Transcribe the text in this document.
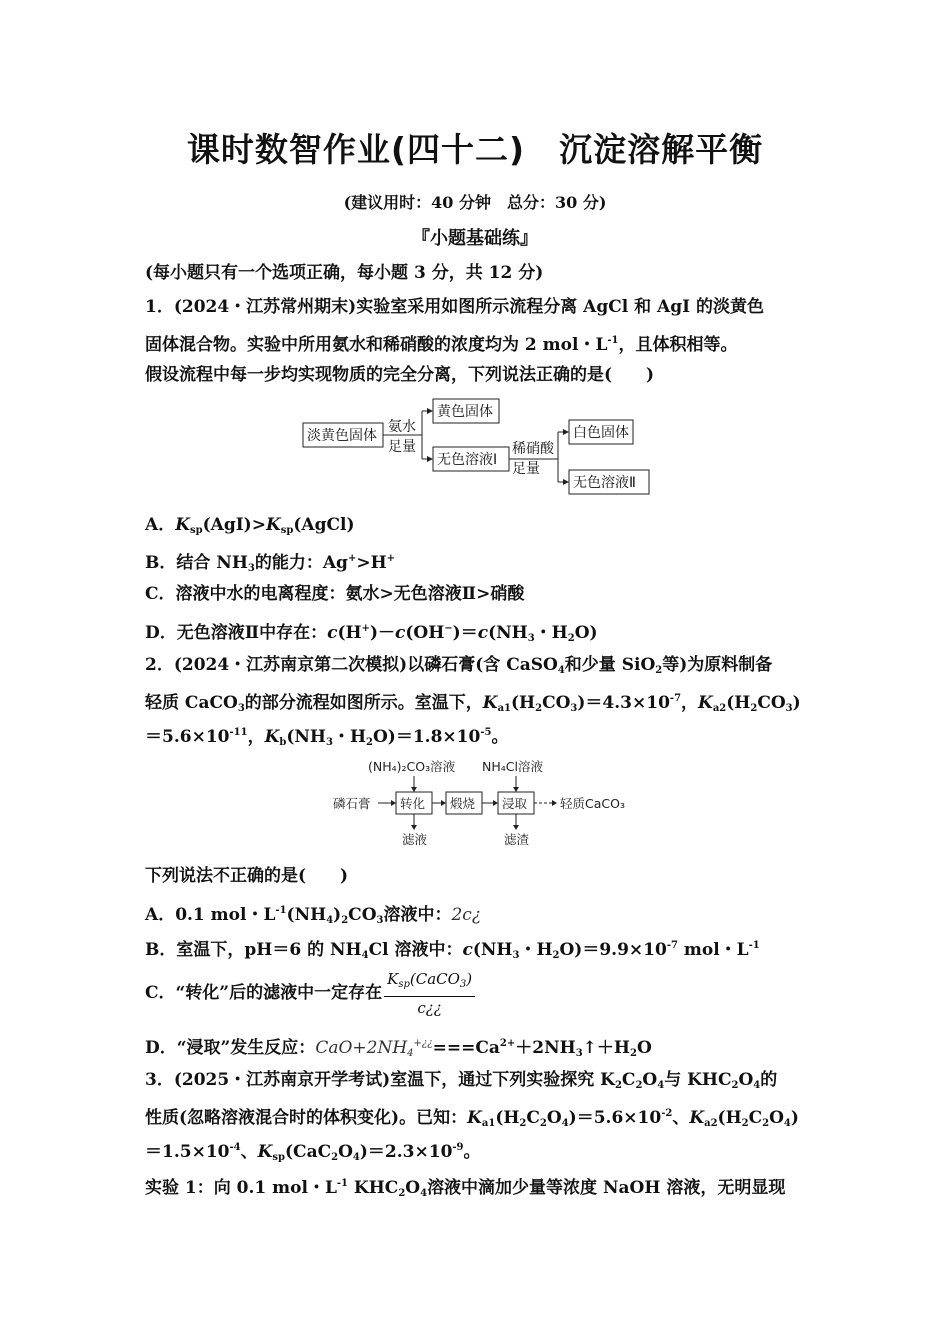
课时数智作业(四十二)　沉淀溶解平衡
(建议用时：40 分钟　总分：30 分)
『小题基础练』
(每小题只有一个选项正确，每小题 3 分，共 12 分)
1．(2024・江苏常州期末)实验室采用如图所示流程分离 AgCl 和 AgI 的淡黄色
固体混合物。实验中所用氨水和稀硝酸的浓度均为 2 mol・$L^{-1}$，且体积相等。
假设流程中每一步均实现物质的完全分离，下列说法正确的是(　　)
淡黄色固体
氨水
足量
黄色固体
无色溶液Ⅰ
稀硝酸
足量
白色固体
无色溶液Ⅱ
A．$K_{sp}(AgI)>K_{sp}(AgCl)$
B．结合 $NH_3$的能力：Ag+>H+
C．溶液中水的电离程度：氨水>无色溶液Ⅱ>硝酸
D．无色溶液Ⅱ中存在：$c(H^+)-c(OH^-)=c(NH_3$・$H_2O$)
2．(2024・江苏南京第二次模拟)以磷石膏(含 CaSO$_4$和少量 SiO$_2$等)为原料制备
轻质 CaCO$_3$的部分流程如图所示。室温下，$K_{a1}(H_2CO_3)=4.3\times 10^{-7}$，$K_{a2}(H_2CO_3)$
$=5.6\times 10^{-11}$，$K_b(NH_3$・$H_2O)=1.8\times 10^{-5}$。
(NH₄)₂CO₃溶液 NH₄Cl溶液
磷石膏 转化 煅烧 浸取	轻质CaCO₃
滤液	滤渣
下列说法不正确的是(　　)
A．0.1 mol・$L^{-1}(NH_4)_2CO_3$溶液中：2c¿
B．室温下，pH＝6 的 $NH_4Cl$ 溶液中：$c(NH_3$・$H_2O)=9.9\times 10^{-7}$ mol・$L^{-1}$
C．“转化”后的滤液中一定存在 $\frac{K_{sp}(CaCO_3)}{c¿¿}$
D．“浸取”发生反应：$CaO+2NH_4^{+¿¿}===Ca^{2+}+2NH_3↑+H_2O$
3．(2025・江苏南京开学考试)室温下，通过下列实验探究 $K_2C_2O_4$与 $KHC_2O_4$的
性质(忽略溶液混合时的体积变化)。已知：$K_{a1}(H_2C_2O_4)=5.6\times 10^{-2}$、$K_{a2}(H_2C_2O_4)$
$=1.5\times 10^{-4}$、$K_{sp}(CaC_2O_4)=2.3\times 10^{-9}$。
实验 1：向 0.1 mol・$L^{-1}$ $KHC_2O_4$溶液中滴加少量等浓度 NaOH 溶液，无明显现
